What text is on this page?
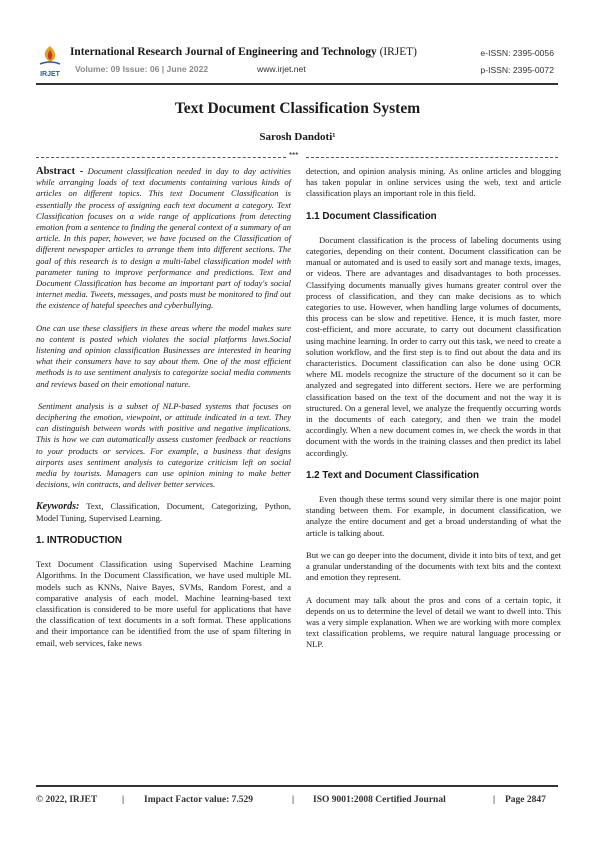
IRJET
International Research Journal of Engineering and Technology (IRJET)
Volume: 09 Issue: 06 | June 2022	www.irjet.net
e-ISSN: 2395-0056
p-ISSN: 2395-0072
Text Document Classification System
Sarosh Dandoti¹
***

Abstract - Document classification needed in day to day activities while arranging loads of text documents containing various kinds of articles on different topics. This text Document Classification is essentially the process of assigning each text document a category. Text Classification focuses on a wide range of applications from detecting emotion from a sentence to finding the general context of a summary of an article. In this paper, however, we have focused on the Classification of different newspaper articles to arrange them into different sections. The goal of this research is to design a multi-label classification model with parameter tuning to improve performance and predictions. Text and Document Classification has become an important part of today's social internet media. Tweets, messages, and posts must be monitored to find out the existence of hateful speeches and cyberbullying.

One can use these classifiers in these areas where the model makes sure no content is posted which violates the social platforms laws.Social listening and opinion classification Businesses are interested in hearing what their consumers have to say about them. One of the most efficient methods is to use sentiment analysis to categorize social media comments and reviews based on their emotional nature.

Sentiment analysis is a subset of NLP-based systems that focuses on deciphering the emotion, viewpoint, or attitude indicated in a text. They can distinguish between words with positive and negative implications. This is how we can automatically assess customer feedback or reactions to your products or services. For example, a business that designs airports uses sentiment analysis to categorize criticism left on social media by tourists. Managers can use opinion mining to make better decisions, win contracts, and deliver better services.

Keywords: Text, Classification, Document, Categorizing, Python, Model Tuning, Supervised Learning.

1. INTRODUCTION

Text Document Classification using Supervised Machine Learning Algorithms. In the Document Classification, we have used multiple ML models such as KNNs, Naive Bayes, SVMs, Random Forest, and a comparative analysis of each model. Machine learning-based text classification is considered to be more useful for applications that have the classification of text documents in a soft format. These applications and their importance can be identified from the use of spam filtering in email, web services, fake news

detection, and opinion analysis mining. As online articles and blogging has taken popular in online services using the web, text and article classification plays an important role in this field.

1.1 Document Classification

Document classification is the process of labeling documents using categories, depending on their content. Document classification can be manual or automated and is used to easily sort and manage texts, images, or videos. There are advantages and disadvantages to both processes. Classifying documents manually gives humans greater control over the process of classification, and they can make decisions as to which categories to use. However, when handling large volumes of documents, this process can be slow and repetitive. Hence, it is much faster, more cost-efficient, and more accurate, to carry out document classification using machine learning. In order to carry out this task, we need to create a solution workflow, and the first step is to find out about the data and its characteristics. Document classification can also be done using OCR where ML models recognize the structure of the document so it can be analyzed and segregated into different sectors. Here we are performing classification based on the text of the document and not the way it is structured. On a general level, we analyze the frequently occurring words in the documents of each category, and then we train the model accordingly. When a new document comes in, we check the words in that document with the words in the training classes and then predict its label accordingly.

1.2 Text and Document Classification

Even though these terms sound very similar there is one major point standing between them. For example, in document classification, we analyze the entire document and get a broad understanding of what the article is talking about.

But we can go deeper into the document, divide it into bits of text, and get a granular understanding of the documents with text bits and the context and emotion they represent.

A document may talk about the pros and cons of a certain topic, it depends on us to determine the level of detail we want to dwell into. This was a very simple explanation. When we are working with more complex text classification problems, we require natural language processing or NLP.

© 2022, IRJET	| Impact Factor value: 7.529	| ISO 9001:2008 Certified Journal	| Page 2847
